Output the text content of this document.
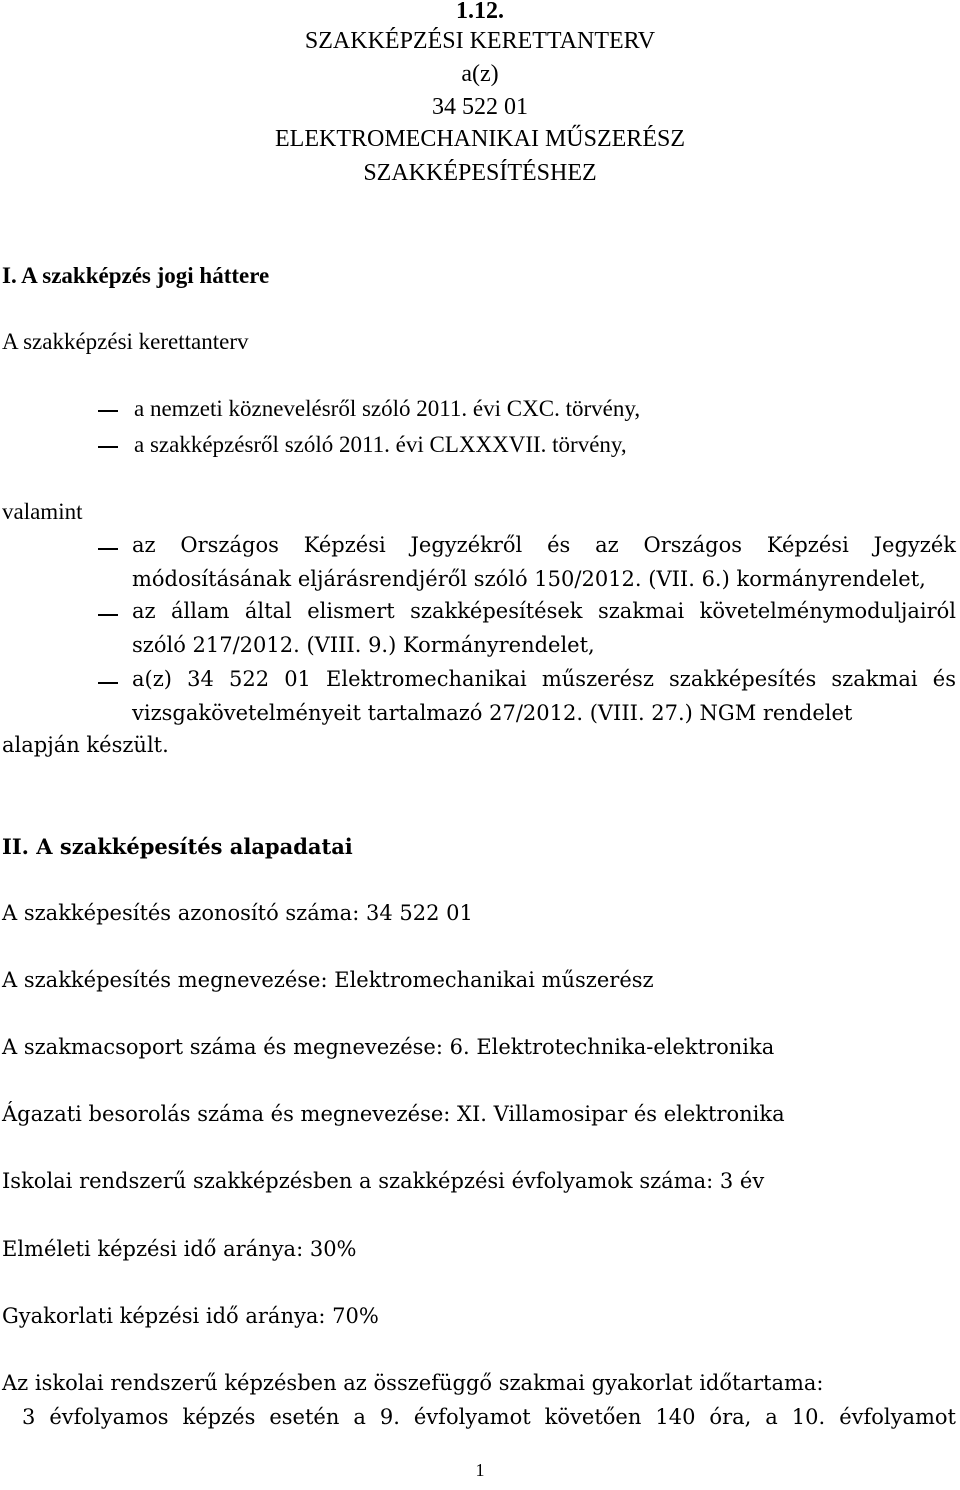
1.12.
SZAKKÉPZÉSI KERETTANTERV
a(z)
34 522 01
ELEKTROMECHANIKAI MŰSZERÉSZ
SZAKKÉPESÍTÉSHEZ
I. A szakképzés jogi háttere
A szakképzési kerettanterv
a nemzeti köznevelésről szóló 2011. évi CXC. törvény,
a szakképzésről szóló 2011. évi CLXXXVII. törvény,
valamint
az Országos Képzési Jegyzékről és az Országos Képzési Jegyzék
módosításának eljárásrendjéről szóló 150/2012. (VII. 6.) kormányrendelet,
az állam által elismert szakképesítések szakmai követelménymoduljairól
szóló 217/2012. (VIII. 9.) Kormányrendelet,
a(z) 34 522 01 Elektromechanikai műszerész szakképesítés szakmai és
vizsgakövetelményeit tartalmazó 27/2012. (VIII. 27.) NGM rendelet
alapján készült.
II. A szakképesítés alapadatai
A szakképesítés azonosító száma: 34 522 01
A szakképesítés megnevezése: Elektromechanikai műszerész
A szakmacsoport száma és megnevezése: 6. Elektrotechnika-elektronika
Ágazati besorolás száma és megnevezése: XI. Villamosipar és elektronika
Iskolai rendszerű szakképzésben a szakképzési évfolyamok száma: 3 év
Elméleti képzési idő aránya: 30%
Gyakorlati képzési idő aránya: 70%
Az iskolai rendszerű képzésben az összefüggő szakmai gyakorlat időtartama:
3 évfolyamos képzés esetén a 9. évfolyamot követően 140 óra, a 10. évfolyamot
1
